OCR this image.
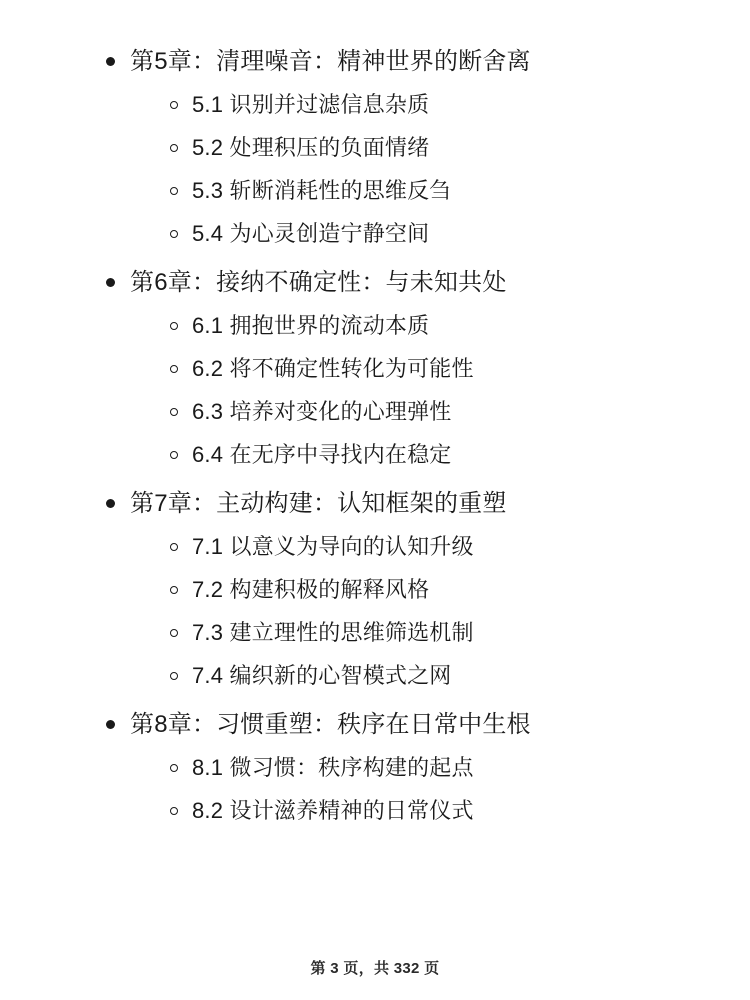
第5章：清理噪音：精神世界的断舍离
5.1 识别并过滤信息杂质
5.2 处理积压的负面情绪
5.3 斩断消耗性的思维反刍
5.4 为心灵创造宁静空间
第6章：接纳不确定性：与未知共处
6.1 拥抱世界的流动本质
6.2 将不确定性转化为可能性
6.3 培养对变化的心理弹性
6.4 在无序中寻找内在稳定
第7章：主动构建：认知框架的重塑
7.1 以意义为导向的认知升级
7.2 构建积极的解释风格
7.3 建立理性的思维筛选机制
7.4 编织新的心智模式之网
第8章：习惯重塑：秩序在日常中生根
8.1 微习惯：秩序构建的起点
8.2 设计滋养精神的日常仪式
第 3 页，共 332 页
